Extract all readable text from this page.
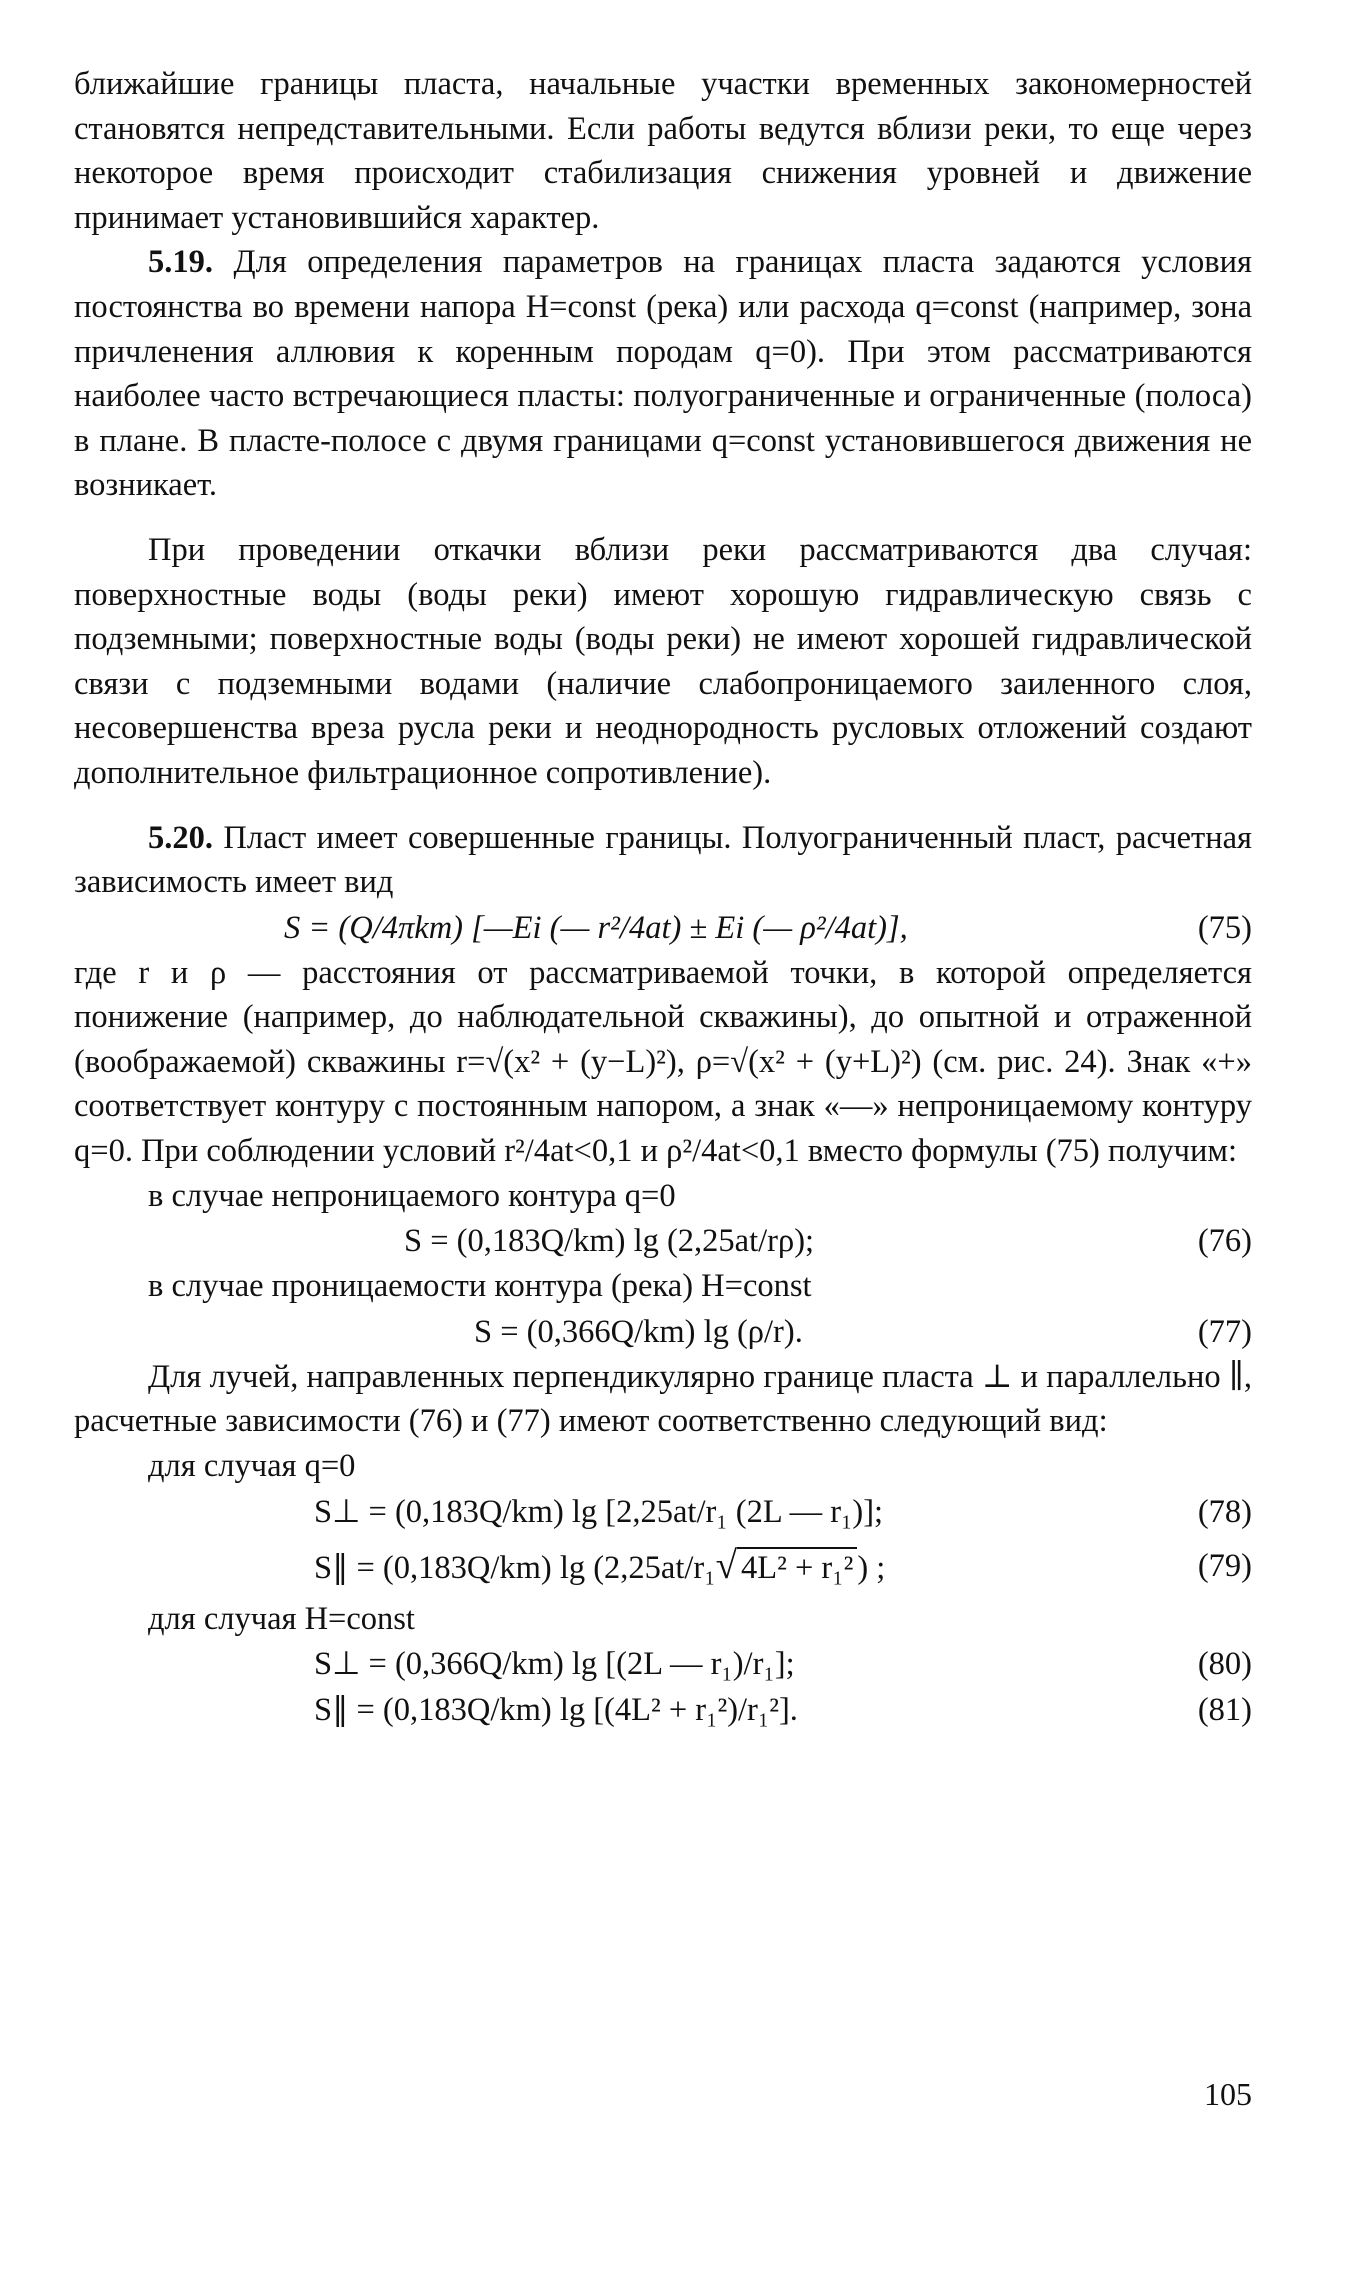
ближайшие границы пласта, начальные участки временных закономерностей становятся непредставительными. Если работы ведутся вблизи реки, то еще через некоторое время происходит стабилизация снижения уровней и движение принимает установившийся характер.

5.19. Для определения параметров на границах пласта задаются условия постоянства во времени напора H=const (река) или расхода q=const (например, зона причленения аллювия к коренным породам q=0). При этом рассматриваются наиболее часто встречающиеся пласты: полуограниченные и ограниченные (полоса) в плане. В пласте-полосе с двумя границами q=const установившегося движения не возникает.

При проведении откачки вблизи реки рассматриваются два случая: поверхностные воды (воды реки) имеют хорошую гидравлическую связь с подземными; поверхностные воды (воды реки) не имеют хорошей гидравлической связи с подземными водами (наличие слабопроницаемого заиленного слоя, несовершенства вреза русла реки и неоднородность русловых отложений создают дополнительное фильтрационное сопротивление).

5.20. Пласт имеет совершенные границы. Полуограниченный пласт, расчетная зависимость имеет вид

S = (Q/4πkm) [—Ei (— r²/4at) ± Ei (— ρ²/4at)],	(75)

где r и ρ — расстояния от рассматриваемой точки, в которой определяется понижение (например, до наблюдательной скважины), до опытной и отраженной (воображаемой) скважины r=√(x² + (y−L)²), ρ=√(x² + (y+L)²) (см. рис. 24). Знак «+» соответствует контуру с постоянным напором, а знак «—» непроницаемому контуру q=0. При соблюдении условий r²/4at<0,1 и ρ²/4at<0,1 вместо формулы (75) получим:

в случае непроницаемого контура q=0

S = (0,183Q/km) lg (2,25at/rρ);	(76)

в случае проницаемости контура (река) H=const

S = (0,366Q/km) lg (ρ/r).	(77)

Для лучей, направленных перпендикулярно границе пласта ⊥ и параллельно ∥, расчетные зависимости (76) и (77) имеют соответственно следующий вид:

для случая q=0

S⊥ = (0,183Q/km) lg [2,25at/r₁ (2L — r₁)];	(78)
S∥ = (0,183Q/km) lg (2,25at/r₁√ 4L² + r₁² ) ;	(79)

для случая H=const

S⊥ = (0,366Q/km) lg [(2L — r₁)/r₁];	(80)
S∥ = (0,183Q/km) lg [(4L² + r₁²)/r₁²].	(81)
105
